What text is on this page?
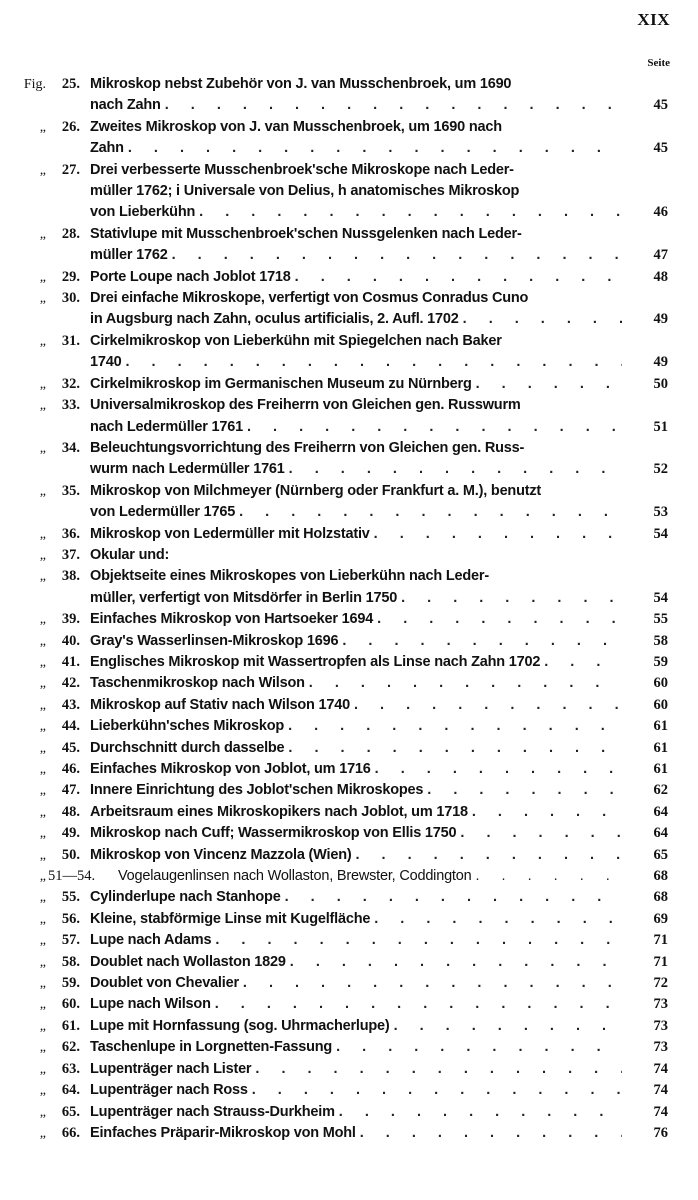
XIX
Seite
Fig.	25. Mikroskop nebst Zubehör von J. van Musschenbroek, um 1690
nach Zahn . . .	45
„	26. Zweites Mikroskop von J. van Musschenbroek, um 1690 nach
Zahn . . .	45
„	27. Drei verbesserte Musschenbroek'sche Mikroskope nach Leder-
müller 1762; i Universale von Delius, h anatomisches Mikroskop
von Lieberkühn . . .	46
„	28. Stativlupe mit Musschenbroek'schen Nussgelenken nach Leder-
müller 1762 . . .	47
„	29. Porte Loupe nach Joblot 1718 . . .	48
„	30. Drei einfache Mikroskope, verfertigt von Cosmus Conradus Cuno
in Augsburg nach Zahn, oculus artificialis, 2. Aufl. 1702 . . .	49
„	31. Cirkelmikroskop von Lieberkühn mit Spiegelchen nach Baker
1740 . . .	49
„	32. Cirkelmikroskop im Germanischen Museum zu Nürnberg . . .	50
„	33. Universalmikroskop des Freiherrn von Gleichen gen. Russwurm
nach Ledermüller 1761 . . .	51
„	34. Beleuchtungsvorrichtung des Freiherrn von Gleichen gen. Russ-
wurm nach Ledermüller 1761 . . .	52
„	35. Mikroskop von Milchmeyer (Nürnberg oder Frankfurt a. M.), benutzt
von Ledermüller 1765 . . .	53
„	36. Mikroskop von Ledermüller mit Holzstativ . . .	54
„	37. Okular und:
„	38. Objektseite eines Mikroskopes von Lieberkühn nach Leder-
müller, verfertigt von Mitsdörfer in Berlin 1750 . . .	54
„	39. Einfaches Mikroskop von Hartsoeker 1694 . . .	55
„	40. Gray's Wasserlinsen-Mikroskop 1696 . . .	58
„	41. Englisches Mikroskop mit Wassertropfen als Linse nach Zahn 1702 . . .	59
„	42. Taschenmikroskop nach Wilson . . .	60
„	43. Mikroskop auf Stativ nach Wilson 1740 . . .	60
„	44. Lieberkühn'sches Mikroskop . . .	61
„	45. Durchschnitt durch dasselbe . . .	61
„	46. Einfaches Mikroskop von Joblot, um 1716 . . .	61
„	47. Innere Einrichtung des Joblot'schen Mikroskopes . . .	62
„	48. Arbeitsraum eines Mikroskopikers nach Joblot, um 1718 . . .	64
„	49. Mikroskop nach Cuff; Wassermikroskop von Ellis 1750 . . .	64
„	50. Mikroskop von Vincenz Mazzola (Wien) . . .	65
„ 51—54.	Vogelaugenlinsen nach Wollaston, Brewster, Coddington . . .	68
„	55. Cylinderlupe nach Stanhope . . .	68
„	56. Kleine, stabförmige Linse mit Kugelfläche . . .	69
„	57. Lupe nach Adams . . .	71
„	58. Doublet nach Wollaston 1829 . . .	71
„	59. Doublet von Chevalier . . .	72
„	60. Lupe nach Wilson . . .	73
„	61. Lupe mit Hornfassung (sog. Uhrmacherlupe) . . .	73
„	62. Taschenlupe in Lorgnetten-Fassung . . .	73
„	63. Lupenträger nach Lister . . .	74
„	64. Lupenträger nach Ross . . .	74
„	65. Lupenträger nach Strauss-Durkheim . . .	74
„	66. Einfaches Präparir-Mikroskop von Mohl . . .	76
